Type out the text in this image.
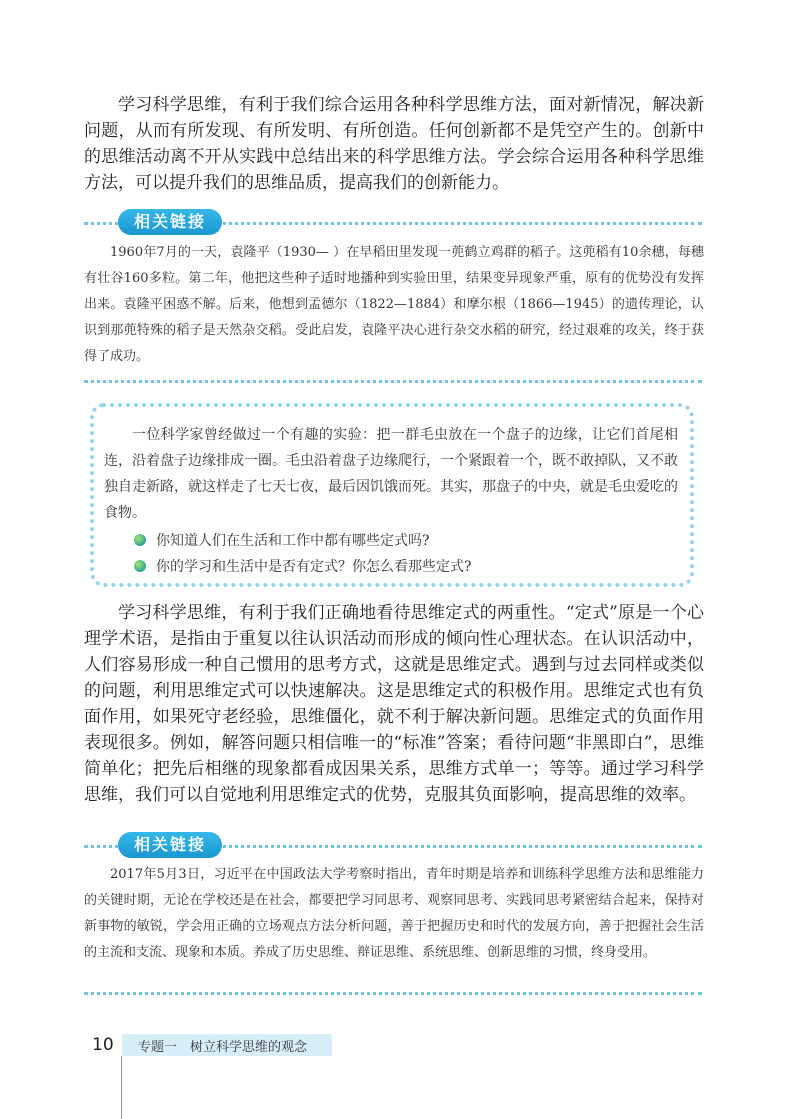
学习科学思维，有利于我们综合运用各种科学思维方法，面对新情况，解决新问题，从而有所发现、有所发明、有所创造。任何创新都不是凭空产生的。创新中的思维活动离不开从实践中总结出来的科学思维方法。学会综合运用各种科学思维方法，可以提升我们的思维品质，提高我们的创新能力。

相关链接

1960年7月的一天，袁隆平（1930— ）在早稻田里发现一蔸鹤立鸡群的稻子。这蔸稻有10余穗，每穗有壮谷160多粒。第二年，他把这些种子适时地播种到实验田里，结果变异现象严重，原有的优势没有发挥出来。袁隆平困惑不解。后来，他想到孟德尔（1822—1884）和摩尔根（1866—1945）的遗传理论，认识到那蔸特殊的稻子是天然杂交稻。受此启发，袁隆平决心进行杂交水稻的研究，经过艰难的攻关，终于获得了成功。

一位科学家曾经做过一个有趣的实验：把一群毛虫放在一个盘子的边缘，让它们首尾相连，沿着盘子边缘排成一圈。毛虫沿着盘子边缘爬行，一个紧跟着一个，既不敢掉队，又不敢独自走新路，就这样走了七天七夜，最后因饥饿而死。其实，那盘子的中央，就是毛虫爱吃的食物。

你知道人们在生活和工作中都有哪些定式吗?
你的学习和生活中是否有定式？你怎么看那些定式?

学习科学思维，有利于我们正确地看待思维定式的两重性。“定式”原是一个心理学术语，是指由于重复以往认识活动而形成的倾向性心理状态。在认识活动中，人们容易形成一种自己惯用的思考方式，这就是思维定式。遇到与过去同样或类似的问题，利用思维定式可以快速解决。这是思维定式的积极作用。思维定式也有负面作用，如果死守老经验，思维僵化，就不利于解决新问题。思维定式的负面作用表现很多。例如，解答问题只相信唯一的“标准”答案；看待问题“非黑即白”，思维简单化；把先后相继的现象都看成因果关系，思维方式单一；等等。通过学习科学思维，我们可以自觉地利用思维定式的优势，克服其负面影响，提高思维的效率。

相关链接

2017年5月3日，习近平在中国政法大学考察时指出，青年时期是培养和训练科学思维方法和思维能力的关键时期，无论在学校还是在社会，都要把学习同思考、观察同思考、实践同思考紧密结合起来，保持对新事物的敏锐，学会用正确的立场观点方法分析问题，善于把握历史和时代的发展方向，善于把握社会生活的主流和支流、现象和本质。养成了历史思维、辩证思维、系统思维、创新思维的习惯，终身受用。

10 专题一　树立科学思维的观念
